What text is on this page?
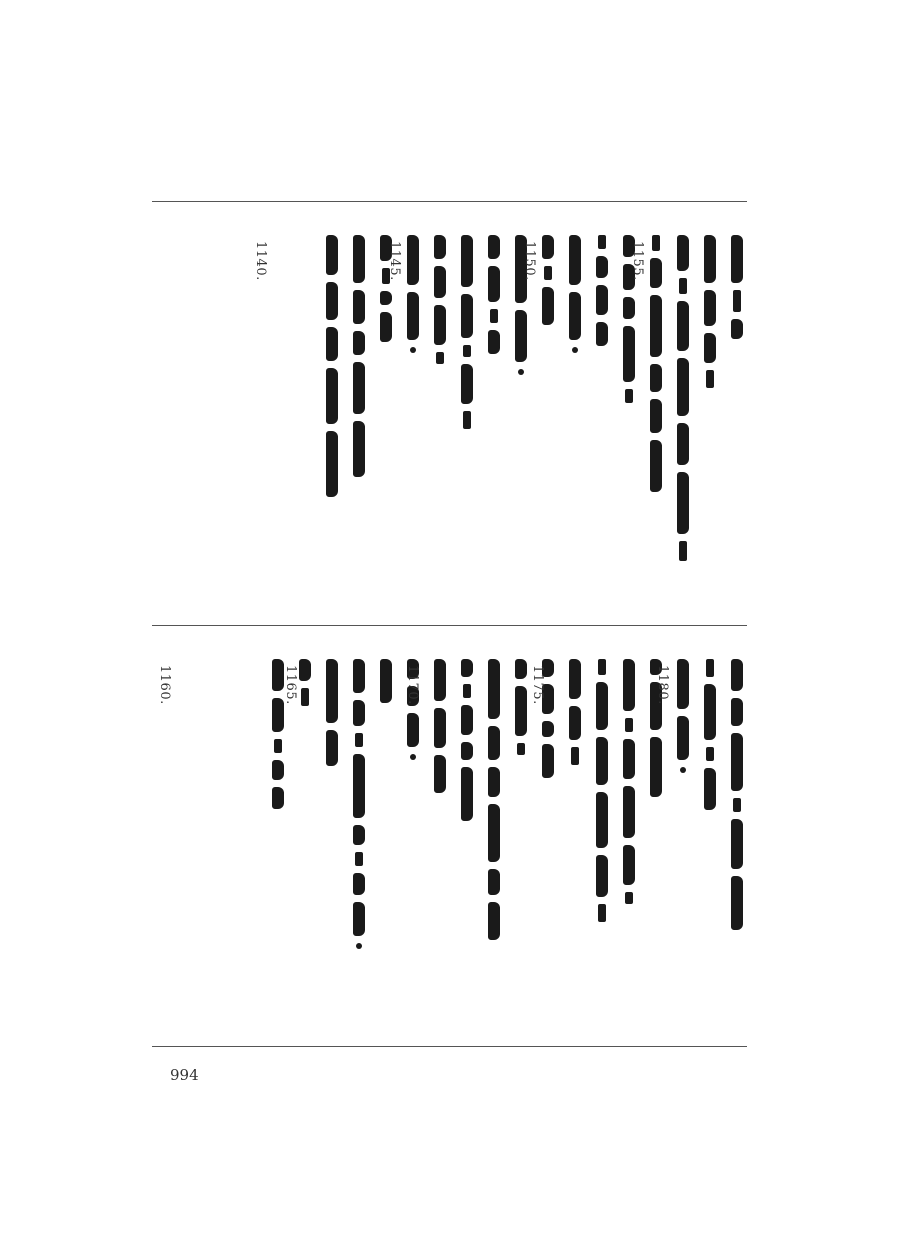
1155.
1150.
1145.
1140.
1180.
1175.
1170.
1165.
1160.
994
